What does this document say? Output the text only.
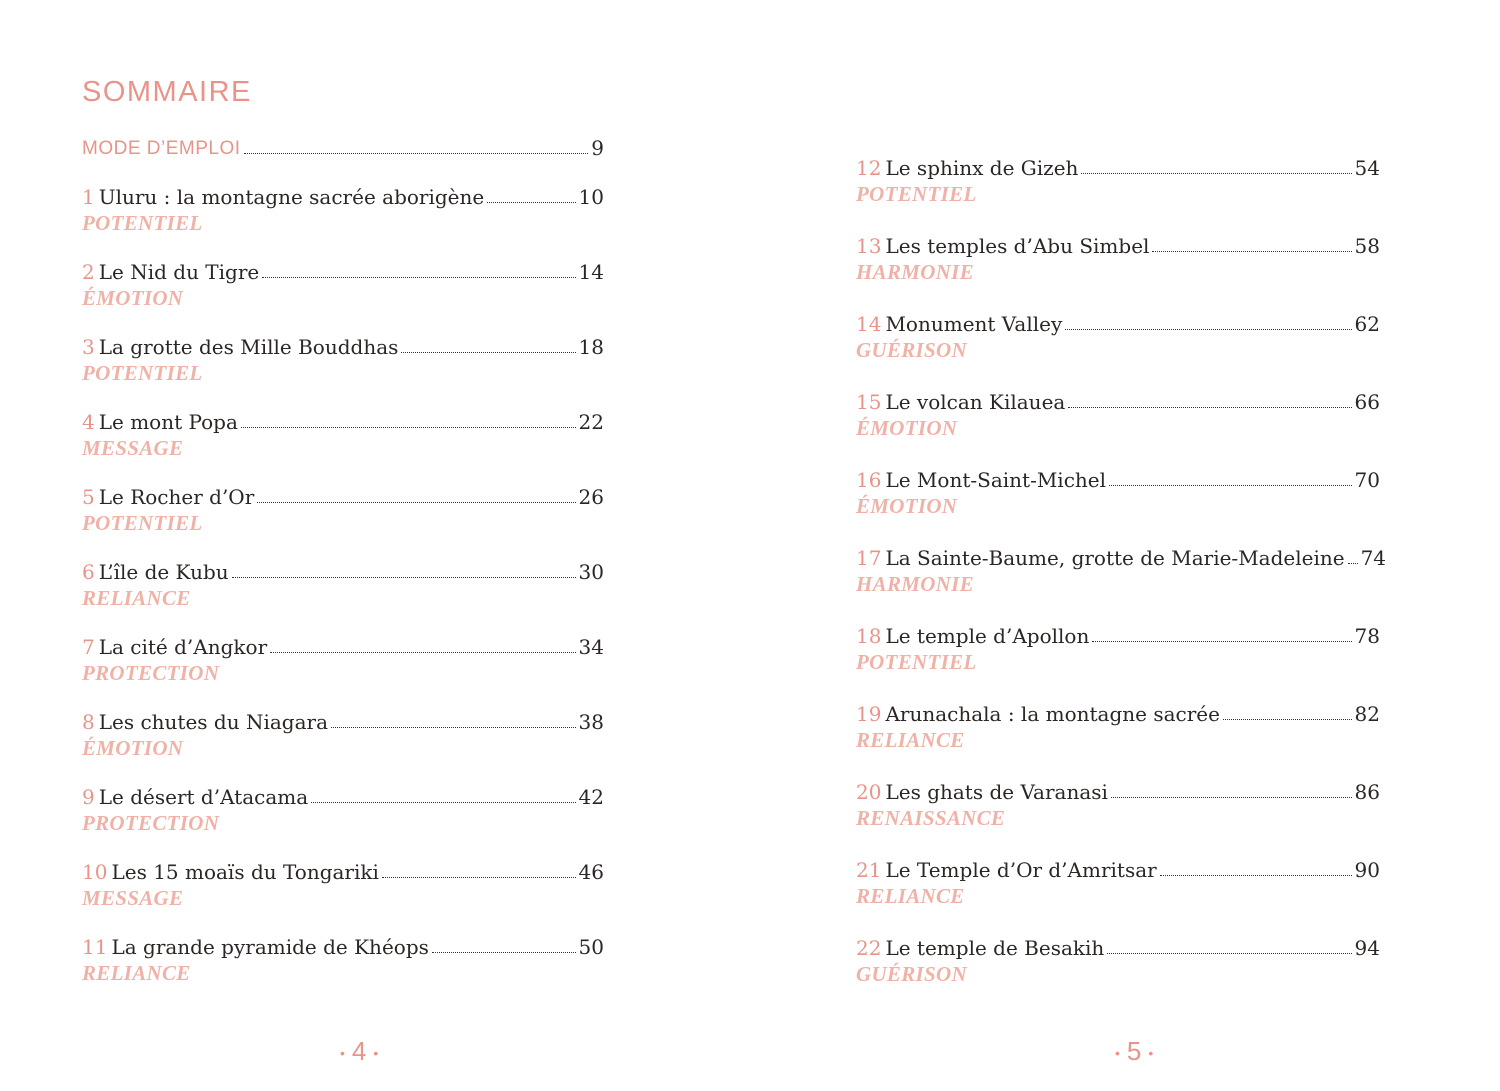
SOMMAIRE
MODE D’EMPLOI	9
1 Uluru : la montagne sacrée aborigène	10
POTENTIEL
2 Le Nid du Tigre	14
ÉMOTION
3 La grotte des Mille Bouddhas	18
POTENTIEL
4 Le mont Popa	22
MESSAGE
5 Le Rocher d’Or	26
POTENTIEL
6 L’île de Kubu	30
RELIANCE
7 La cité d’Angkor	34
PROTECTION
8 Les chutes du Niagara	38
ÉMOTION
9 Le désert d’Atacama	42
PROTECTION
10 Les 15 moaïs du Tongariki	46
MESSAGE
11 La grande pyramide de Khéops	50
RELIANCE
• 4 •
12 Le sphinx de Gizeh	54
POTENTIEL
13 Les temples d’Abu Simbel	58
HARMONIE
14 Monument Valley	62
GUÉRISON
15 Le volcan Kilauea	66
ÉMOTION
16 Le Mont-Saint-Michel	70
ÉMOTION
17 La Sainte-Baume, grotte de Marie-Madeleine 74
HARMONIE
18 Le temple d’Apollon	78
POTENTIEL
19 Arunachala : la montagne sacrée	82
RELIANCE
20 Les ghats de Varanasi	86
RENAISSANCE
21 Le Temple d’Or d’Amritsar	90
RELIANCE
22 Le temple de Besakih	94
GUÉRISON
• 5 •
